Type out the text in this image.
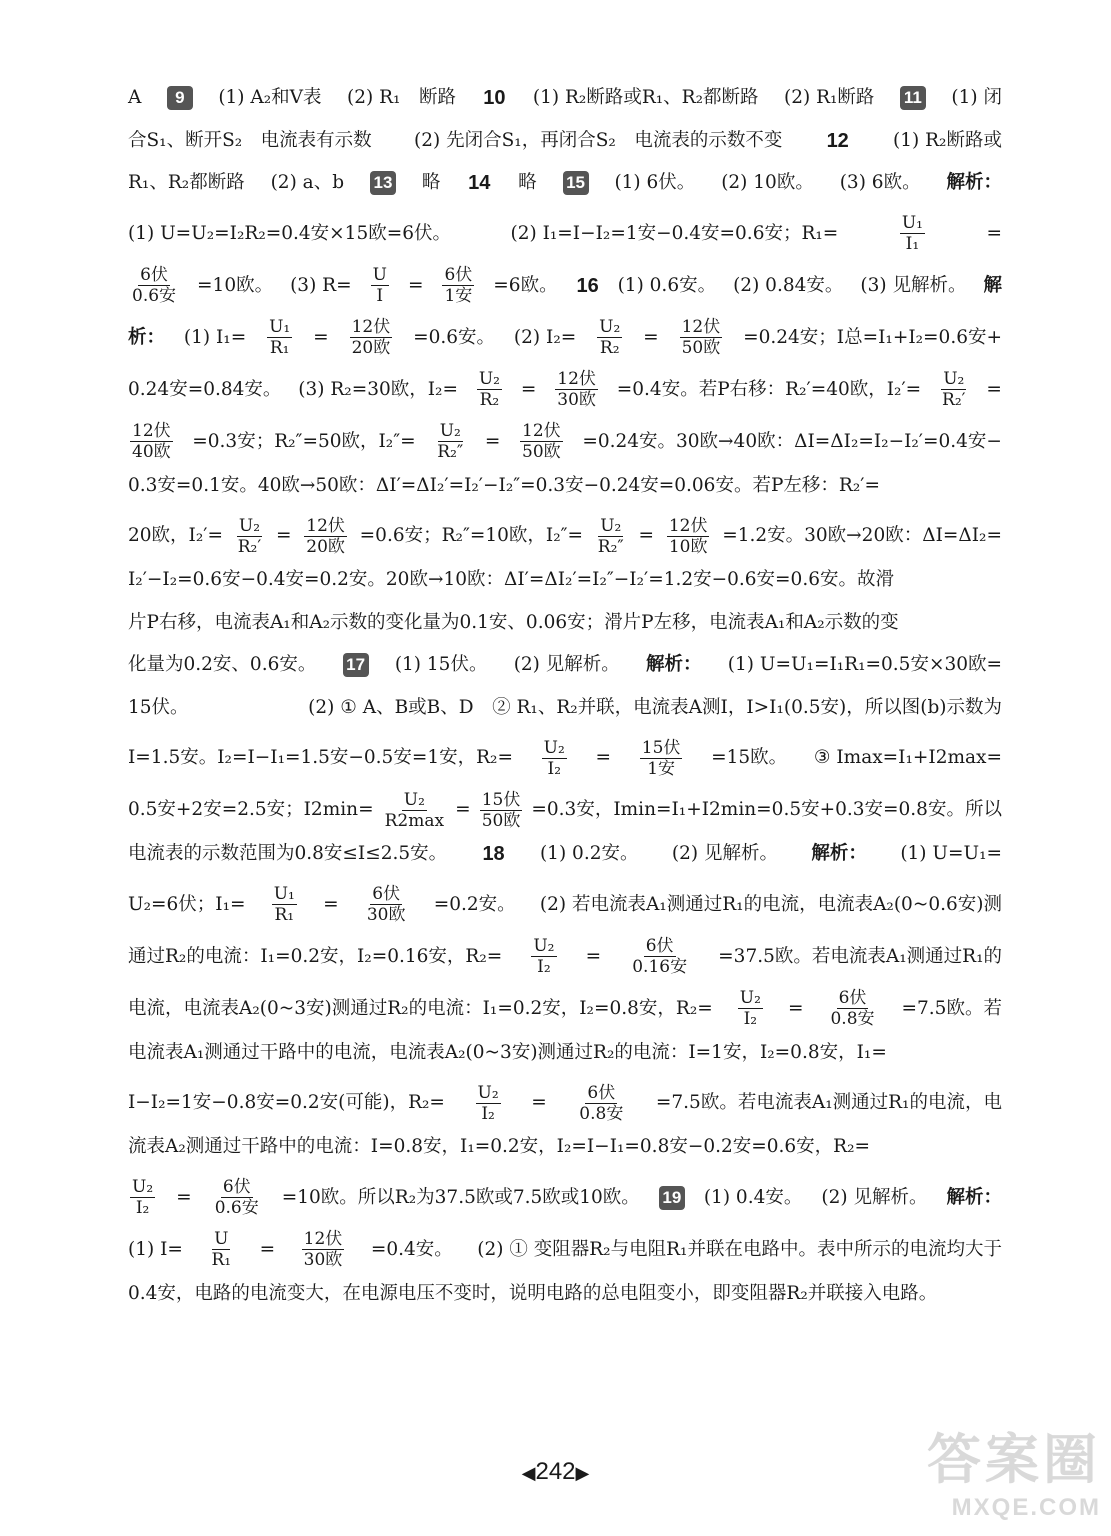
A	9	(1) A₂和V表 (2) R₁　断路 10 (1) R₂断路或R₁、R₂都断路 (2) R₁断路 11 (1) 闭
合S₁、断开S₂　电流表有示数 (2) 先闭合S₁，再闭合S₂　电流表的示数不变 12 (1) R₂断路或
R₁、R₂都断路 (2) a、b 13 略 14 略 15 (1) 6伏。 (2) 10欧。 (3) 6欧。 解析：
(1) U=U₂=I₂R₂=0.4安×15欧=6伏。	(2) I₁=I−I₂=1安−0.4安=0.6安；R₁=	$\frac{\text{U₁}}{\text{I₁}}$	=
6伏
0.6安
=10欧。 (3) $R= \frac{U}{I} = 6$伏
1安
=6欧。 16 (1) 0.6安。 (2) 0.84安。 (3) 见解析。 解
析： (1) $I_1= \frac{\text{U₁}}{\text{R₁}} = 12$伏
20欧
=0.6安。 (2) $I_2= \frac{\text{U₂}}{\text{R₂}} = 12$伏
50欧
=0.24安；I总=I₁+I₂=0.6安+
0.24安=0.84安。 (3) R₂=30欧，$I_2= \frac{\text{U₂}}{\text{R₂}} = 12$伏
30欧
=0.4安。若P右移：R₂′=40欧，$I_2'= \frac{\text{U₂}}{\text{R₂′}}$ =
12伏
40欧
=0.3安；R₂″=50欧，$I_2''= \frac{\text{U₂}}{\text{R₂″}} = 12$伏
50欧
=0.24安。30欧→40欧：ΔI=ΔI₂=I₂−I₂′=0.4安−
0.3安=0.1安。40欧→50欧：ΔI′=ΔI₂′=I₂′−I₂″=0.3安−0.24安=0.06安。若P左移：R₂′=
20欧，$I_2'= \frac{\text{U₂}}{\text{R₂′}} = 12$伏
20欧
=0.6安；R₂″=10欧，$I_2''= \frac{\text{U₂}}{\text{R₂″}} = 12$伏
10欧
=1.2安。30欧→20欧：ΔI=ΔI₂=
I₂′−I₂=0.6安−0.4安=0.2安。20欧→10欧：ΔI′=ΔI₂′=I₂″−I₂′=1.2安−0.6安=0.6安。故滑
片P右移，电流表A₁和A₂示数的变化量为0.1安、0.06安；滑片P左移，电流表A₁和A₂示数的变
化量为0.2安、0.6安。 17 (1) 15伏。 (2) 见解析。 解析： (1) U=U₁=I₁R₁=0.5安×30欧=
15伏。	(2) ① A、B或B、D　② R₁、R₂并联，电流表A测I，I>I₁(0.5安)，所以图(b)示数为
I=1.5安。I₂=I−I₁=1.5安−0.5安=1安，$R_2= \frac{\text{U₂}}{\text{I₂}} = 15$伏
1安
=15欧。 ③ Imax=I₁+I2max=
0.5安+2安=2.5安；I2min= U₂
R2max
= 15伏
50欧
=0.3安，Imin=I₁+I2min=0.5安+0.3安=0.8安。所以
电流表的示数范围为0.8安≤I≤2.5安。 18 (1) 0.2安。 (2) 见解析。 解析： (1) U=U₁=
U₂=6伏；$I_1= \frac{\text{U₁}}{\text{R₁}} = 6$伏
30欧
=0.2安。 (2) 若电流表A₁测通过R₁的电流，电流表A₂(0~0.6安)测
通过R₂的电流：I₁=0.2安，I₂=0.16安，$R_2= \frac{\text{U₂}}{\text{I₂}}$ =	6伏
0.16安
=37.5欧。若电流表A₁测通过R₁的
电流，电流表A₂(0~3安)测通过R₂的电流：I₁=0.2安，I₂=0.8安，$R_2= \frac{\text{U₂}}{\text{I₂}} = 6$伏
0.8安
=7.5欧。若
电流表A₁测通过干路中的电流，电流表A₂(0~3安)测通过R₂的电流：I=1安，I₂=0.8安，I₁=
I−I₂=1安−0.8安=0.2安(可能)，$R_2= \frac{\text{U₂}}{\text{I₂}} = 6$伏
0.8安
=7.5欧。若电流表A₁测通过R₁的电流，电
流表A₂测通过干路中的电流：I=0.8安，I₁=0.2安，I₂=I−I₁=0.8安−0.2安=0.6安，R₂=
$\frac{\text{U₂}}{\text{I₂}} = 6$伏
0.6安
=10欧。所以R₂为37.5欧或7.5欧或10欧。 19 (1) 0.4安。 (2) 见解析。 解析：
(1) $I= \frac{U}{\text{R₁}} = 12$伏
30欧
=0.4安。 (2) ① 变阻器R₂与电阻R₁并联在电路中。表中所示的电流均大于
0.4安，电路的电流变大，在电源电压不变时，说明电路的总电阻变小，即变阻器R₂并联接入电路。
◀242▶	答案圈
MXQE.COM
